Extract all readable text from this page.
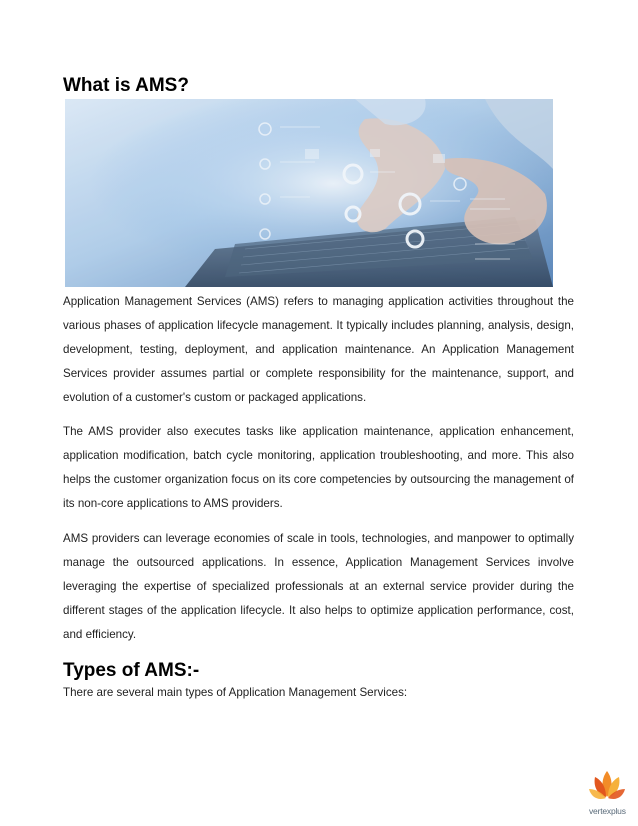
What is AMS?

Application Management Services (AMS) refers to managing application activities throughout the various phases of application lifecycle management. It typically includes planning, analysis, design, development, testing, deployment, and application maintenance. An Application Management Services provider assumes partial or complete responsibility for the maintenance, support, and evolution of a customer's custom or packaged applications.

The AMS provider also executes tasks like application maintenance, application enhancement, application modification, batch cycle monitoring, application troubleshooting, and more. This also helps the customer organization focus on its core competencies by outsourcing the management of its non-core applications to AMS providers.

AMS providers can leverage economies of scale in tools, technologies, and manpower to optimally manage the outsourced applications. In essence, Application Management Services involve leveraging the expertise of specialized professionals at an external service provider during the different stages of the application lifecycle. It also helps to optimize application performance, cost, and efficiency.

Types of AMS:-

There are several main types of Application Management Services:

vertexplus
